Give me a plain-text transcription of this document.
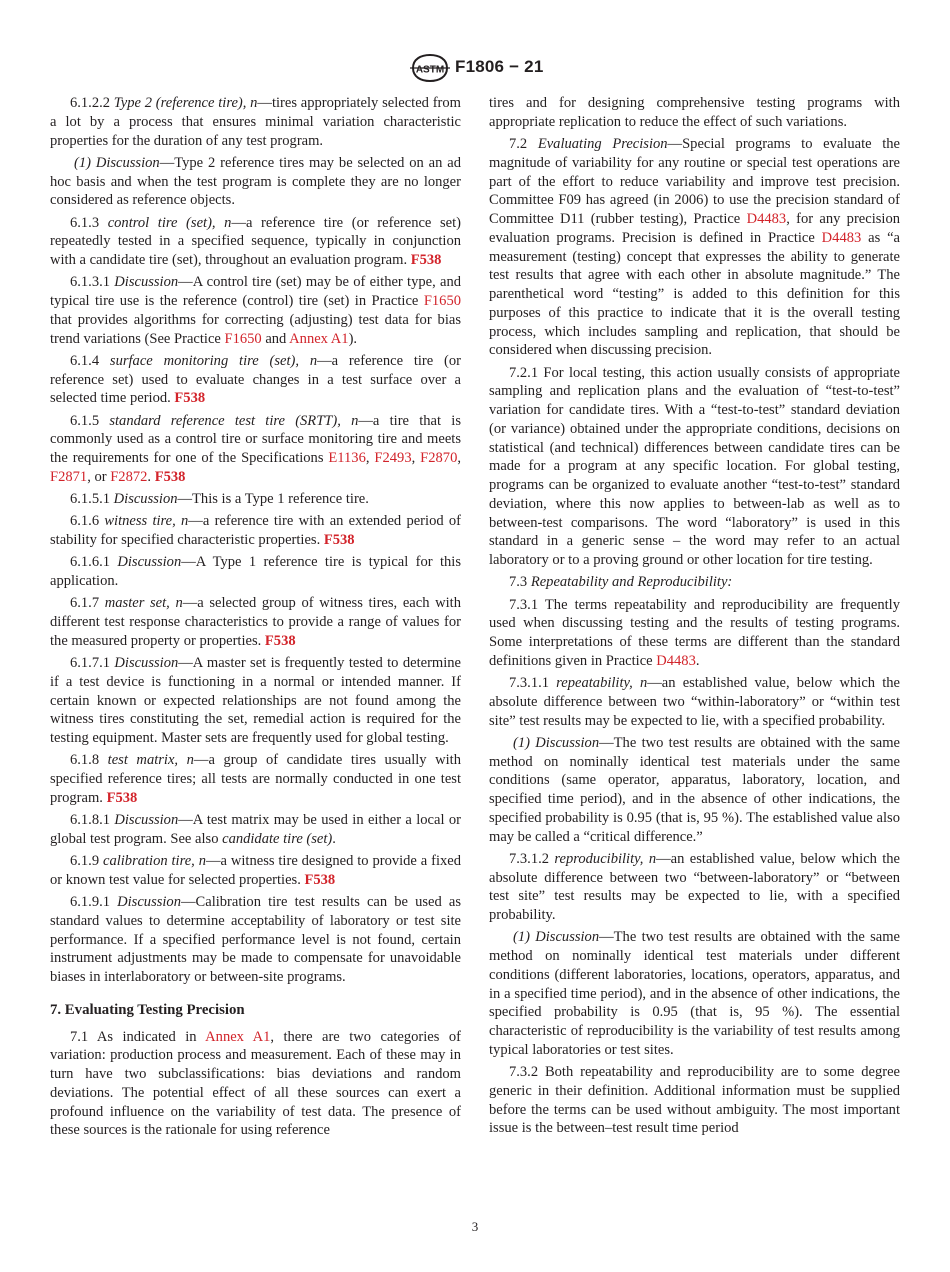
ASTM F1806 − 21

6.1.2.2 Type 2 (reference tire), n—tires appropriately selected from a lot by a process that ensures minimal variation characteristic properties for the duration of any test program.

(1) Discussion—Type 2 reference tires may be selected on an ad hoc basis and when the test program is complete they are no longer considered as reference objects.

6.1.3 control tire (set), n—a reference tire (or reference set) repeatedly tested in a specified sequence, typically in conjunction with a candidate tire (set), throughout an evaluation program. F538

6.1.3.1 Discussion—A control tire (set) may be of either type, and typical tire use is the reference (control) tire (set) in Practice F1650 that provides algorithms for correcting (adjusting) test data for bias trend variations (See Practice F1650 and Annex A1).

6.1.4 surface monitoring tire (set), n—a reference tire (or reference set) used to evaluate changes in a test surface over a selected time period. F538

6.1.5 standard reference test tire (SRTT), n—a tire that is commonly used as a control tire or surface monitoring tire and meets the requirements for one of the Specifications E1136, F2493, F2870, F2871, or F2872. F538

6.1.5.1 Discussion—This is a Type 1 reference tire.

6.1.6 witness tire, n—a reference tire with an extended period of stability for specified characteristic properties. F538

6.1.6.1 Discussion—A Type 1 reference tire is typical for this application.

6.1.7 master set, n—a selected group of witness tires, each with different test response characteristics to provide a range of values for the measured property or properties. F538

6.1.7.1 Discussion—A master set is frequently tested to determine if a test device is functioning in a normal or intended manner. If certain known or expected relationships are not found among the witness tires constituting the set, remedial action is required for the testing equipment. Master sets are frequently used for global testing.

6.1.8 test matrix, n—a group of candidate tires usually with specified reference tires; all tests are normally conducted in one test program. F538

6.1.8.1 Discussion—A test matrix may be used in either a local or global test program. See also candidate tire (set).

6.1.9 calibration tire, n—a witness tire designed to provide a fixed or known test value for selected properties. F538

6.1.9.1 Discussion—Calibration tire test results can be used as standard values to determine acceptability of laboratory or test site performance. If a specified performance level is not found, certain instrument adjustments may be made to compensate for unavoidable biases in interlaboratory or between-site programs.

7. Evaluating Testing Precision

7.1 As indicated in Annex A1, there are two categories of variation: production process and measurement. Each of these may in turn have two subclassifications: bias deviations and random deviations. The potential effect of all these sources can exert a profound influence on the variability of test data. The presence of these sources is the rationale for using reference

tires and for designing comprehensive testing programs with appropriate replication to reduce the effect of such variations.

7.2 Evaluating Precision—Special programs to evaluate the magnitude of variability for any routine or special test operations are part of the effort to reduce variability and improve test precision. Committee F09 has agreed (in 2006) to use the precision standard of Committee D11 (rubber testing), Practice D4483, for any precision evaluation programs. Precision is defined in Practice D4483 as “a measurement (testing) concept that expresses the ability to generate test results that agree with each other in absolute magnitude.” The parenthetical word “testing” is added to this definition for this purposes of this practice to indicate that it is the overall testing process, which includes sampling and replication, that should be considered when discussing precision.

7.2.1 For local testing, this action usually consists of appropriate sampling and replication plans and the evaluation of “test-to-test” variation for candidate tires. With a “test-to-test” standard deviation (or variance) obtained under the appropriate conditions, decisions on statistical (and technical) differences between candidate tires can be made for a program at any specific location. For global testing, programs can be organized to evaluate another “test-to-test” standard deviation, where this now applies to between-lab as well as to between-test comparisons. The word “laboratory” is used in this standard in a generic sense – the word may refer to an actual laboratory or to a proving ground or other location for tire testing.

7.3 Repeatability and Reproducibility:

7.3.1 The terms repeatability and reproducibility are frequently used when discussing testing and the results of testing programs. Some interpretations of these terms are different than the standard definitions given in Practice D4483.

7.3.1.1 repeatability, n—an established value, below which the absolute difference between two “within-laboratory” or “within test site” test results may be expected to lie, with a specified probability.

(1) Discussion—The two test results are obtained with the same method on nominally identical test materials under the same conditions (same operator, apparatus, laboratory, location, and specified time period), and in the absence of other indications, the specified probability is 0.95 (that is, 95 %). The established value also may be called a “critical difference.”

7.3.1.2 reproducibility, n—an established value, below which the absolute difference between two “between-laboratory” or “between test site” test results may be expected to lie, with a specified probability.

(1) Discussion—The two test results are obtained with the same method on nominally identical test materials under different conditions (different laboratories, locations, operators, apparatus, and in a specified time period), and in the absence of other indications, the specified probability is 0.95 (that is, 95 %). The essential characteristic of reproducibility is the variability of test results among typical laboratories or test sites.

7.3.2 Both repeatability and reproducibility are to some degree generic in their definition. Additional information must be supplied before the terms can be used without ambiguity. The most important issue is the between–test result time period

3
